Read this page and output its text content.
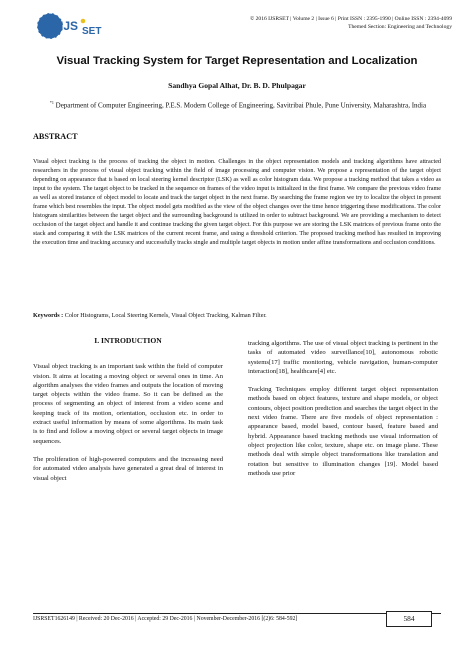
IJS SET
© 2016 IJSRSET | Volume 2 | Issue 6 | Print ISSN : 2395-1990 | Online ISSN : 2394-4099
Themed Section: Engineering and Technology
Visual Tracking System for Target Representation and Localization
Sandhya Gopal Alhat, Dr. B. D. Phulpagar
$^{*1}$ Department of Computer Engineering, P.E.S. Modern College of Engineering, Savitribai Phule, Pune University, Maharashtra, India
ABSTRACT
Visual object tracking is the process of tracking the object in motion. Challenges in the object representation models and tracking algorithms have attracted researchers in the process of visual object tracking within the field of image processing and computer vision. We propose a representation of the target object depending on appearance that is based on local steering kernel descriptor (LSK) as well as color histogram data. We propose a tracking method that takes a video as input to the system. The target object to be tracked in the sequence on frames of the video input is initialized in the first frame. We compare the previous video frame as well as stored instance of object model to locate and track the target object in the next frame. By searching the frame region we try to localize the object in present frame which best resembles the input. The object model gets modified as the view of the object changes over the time hence triggering these modifications. The color histogram similarities between the target object and the surrounding background is utilized in order to subtract background. We are providing a mechanism to detect occlusion of the target object and handle it and continue tracking the given target object. For this purpose we are storing the LSK matrices of previous frame onto the stack and comparing it with the LSK matrices of the current recent frame, and using a threshold criterion. The proposed tracking method has resulted in improving the execution time and tracking accuracy and successfully tracks single and multiple target objects in motion under affine transformations and occlusion conditions.
Keywords : Color Histograms, Local Steering Kernels, Visual Object Tracking, Kalman Filter.
I. INTRODUCTION

Visual object tracking is an important task within the field of computer vision. It aims at locating a moving object or several ones in time. An algorithm analyses the video frames and outputs the location of moving target objects within the video frame. So it can be defined as the process of segmenting an object of interest from a video scene and keeping track of its motion, orientation, occlusion etc. in order to extract useful information by means of some algorithms. Its main task is to find and follow a moving object or several target objects in image sequences.

The proliferation of high-powered computers and the increasing need for automated video analysis have generated a great deal of interest in visual object

tracking algorithms. The use of visual object tracking is pertinent in the tasks of automated video surveillance[10], autonomous robotic systems[17] traffic monitoring, vehicle navigation, human-computer interaction[18], healthcare[4] etc.

Tracking Techniques employ different target object representation methods based on object features, texture and shape models, or object contours, object position prediction and searches the target object in the next video frame. There are five models of object representation : appearance based, model based, contour based, feature based and hybrid. Appearance based tracking methods use visual information of object projection like color, texture, shape etc. on image plane. These methods deal with simple object transformations like translation and rotation but sensitive to illumination changes [19]. Model based methods use prior

IJSRSET1626149 | Received: 20 Dec-2016 | Accepted: 29 Dec-2016 | November-December-2016 [(2)6: 584-592]	584
